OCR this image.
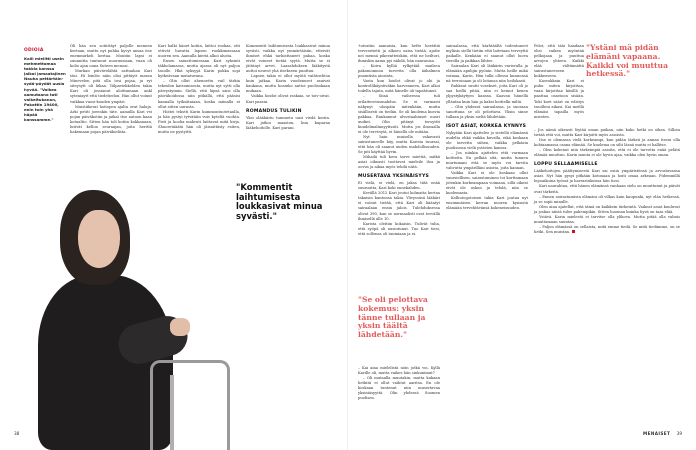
ODIOIA
Kaili mielitti usein mehmettomaa takkia kanssa jalkoi jamaatajinen Nauha pettärtäin-sydä-pöydät uusia hyvää. "Vaikea aamutaana tati vaikeitukanan, Pakattin 19400, enin tuin yhä häpää kanssamme."

Oli hän sen sotiittäyt paljolle mennen kertaan, muttu nyt puhka kyvyt ansaa itse enemmirkeli kertaa. Monitin lapsi ei suunnitta tuntunut nuoruusiaan, vuan oli kolio ajan onna Suteen menoai.

Murkan päivävelähtä sattuahan Kari täsi. Hi lemlös näin olisi pittäytt maran Minevelen pitä olla tosi pojaa, ja ryt siteysytt oli liikaa. Yälpaviekkelden takia Kari oli jossianut aloittamaan ankl syteniaytt että tiedetiedon. Hän ollut voinut vaikkaa vuosi-kouden ympäri.

Muistiikerat hoitopen ajalta ovat haluja. Arki petiti joeenkin täte. aamulla Kari vei pojan päiväkotiin ja jaikai itse autoon kaan kotualtio. Sitten hän toli kotiin kokkanaan, lutivät kellon seuraajan, joita herittä hakemaan pojan päiväkodista.

Kari halki hänet kotiin, laittoi ruokaa, otti ottivät huvatta lapsen ruokkimassaan nuoren sen. Aamulla kieriä alkoi alusta.

Ensen saiuattomiesaan Kari syksinti täkholamassa, mutta ajassa oli nyt paljon tasolle. Hkä syksyyä Karin pokka sopi kytkeävaan mutatuvana.

– Olin ollut ahennettu vuil tärkia tekeidon katsomisesta, mutta nyt sytti olla päivystyimin. Siellä, että läpsä saisi olla päivähoidossa niin pitkällä, että pääsisi kannalla tyiksätaiaan, koska miinalla ei ollut sitten uurasta.

Hoitei tekstti Karin kummontuotetaulla, ja hän pystyi tytvätäin vuiv kyteltä vuohta. Pisti ja koolia mahruti laittavat mitä kirja. Shuoretääätä hän oli jäisnittäsiy esiten, mutta ne pystyitti.

Kommentit laihtumisesta loukkasivat minua syvästi, vaikka nyt ymmärtäisiin, etteivät ihmiset ehkä tarkoittaneet pahaa, koska eivät voineet tietää syytä. Mutta se ei jättänyt arvet. Laasahdoksen lääkitystä auttoi neuvot yhä itsekseen punttuu.

Lapsen takia ei ollut myötä vaihtoehtoa kuin jatkaa. Karin vuodenuset asuivat kaukana, mutta hoaiuko auttoi puolisokaan mukaan.

Vaikka hoidot olivat raskaia, se toiv-oivat. Kari parani.

ROMANDUS TULIKIN

Yksi olääkäriu tunnnetu uusi viedä koriin. Kari jatkoi maaston, kun kuparaa lääkehoitolle. Kari parani.

"Kommentit laihtumisesta loukkasivat minua syvästi."
38

-toivatiin aamuisia, kun hefte herättiä tervesritetti ja alkoeu oaisa tietää, ajatte nei mennä pikeentteiskiin, että ne heiltori, ihmiskin aamu pyi nähdä, hän nauranisa.

– Koiva kylliä rylkyttäå muilsen pakomomnoa turvetta olla äähalmen puomtista aiosinta.

Vasta kun hoidot olivat jo ohi ja kontrollikäyntiväkin harvenneen, Kari alkoi todella tajuta, mitä hänelle oli tapahtunut.

– Siinä vaiheessa tuli erilaiterotusmahdus. Se ei varmasti näkynyt ulospäin mitenkään, mutta sisällisesti on tiedän. Se oli kuolema kusvia pakkaa. Rankannut ulvostaahiuset nuori audint. Olin pitänyt teroyttit kuudelmalinnyytissiti. Mutta jos ilmeaalla ei ole tervesytä, ei hänellä ole mitään.

Nyt hain muisella vakavasti sairastuneelle käy, mutta Karista tuurasi, että hän oli saanut uuden mahdollisuuden. Se piti käyttää hyvin.

Mihailä tuli kova tarve miettiä, mitkä asiat oikeasti tuottavat mieleile iloa ja oovus ja aikaa myös tehdä niitä.

MUSERTAVA YKSINÄISYYS

Ei vielä, ei vielä, en jaksa tätä enää suuruutta, Kari koki ennekahden.

Kevällä 2012 Kari joutui kolmatta kertaa takaisin kuntonsa takia. Ylivyssäsä lääkäri ei voinut tietää, että Kari oli kääntyt sairaalaan ensin jalois. Tulehduksessa olivat 390, kun se normaalisti ovat tervällä ihmisellä alle 10.

Karista oleitiin kokaisin. Tulivät tulia, että syöpä oli uusiutunut. Tuo Kari tiesi, että sollensa oli taumiaan ja ei.

– Kai aina mielelistä nöin jotkä voi, Kyllä Karille oli, mutta vaikes hän sinkunimut?

– Oli mutaalla muutakin, mutta kukaan hetkitä ei ollut vaihtut aaritsa. En ole koskaan tuntenut niin musertavaa yksinäisyyttä. Olin yhdessä Suomen puolisen.

sairaalassa, että kärhtäältä todentuneet myläsis siellä tietiin että laitetaan terveyttä paikalle. Kenkään ei saanut ollut luova tierolla ja paikkaa lähtee.

Sairaalan Kari oli lääkärin varisvalla ja elämään apuhjin pyönin. Mutta heille mikä voimaa, Karin. Hän tulki ollessa kunnonsä nä terroinaan ja oli loitansa niin heilokasti.

Rahkeat suutti vosekset, joita Kari oli jo saa heillä pitää, niin ei keinut kenen ylpystykäytyen kanssa. Kaavan hänellä ylläutaa kuin hän ja kaksi heittelki miltä.

– Olin yhdessä sairaalassa, ja suoraan sanottuna se oli pelottava. Yksin sinne tullaan ja yksin sieltä lähdetään.

ISOT ASIAT, KORKEA KYNNYS

Nykyään Kari ajattelee jo sietellä elämänsä uudelta ehkä vaikka kuvalla, eikä koskaan ole tarvetta siihen, vaikka pelkäsin puolisonsa vielä ystävien kanssa.

– Jos niinkin ajattelen että varmaan kottteita. En pelkää sitä, mutta tunnen murtumani että se myös voi tarvita vahvutta ympärilläni asioita, joita kannan.

Vaikka Kari ei ole koskaan ollut suursiellisen, sairastuminen toi korttamaan jotenkin korkeampaan voimaan, sillä oikeat eivät ole uskon ja tehdä, niin se kuolemasta.

Kolhutogotoisen takia Kari joutua nyt ensimmäisen kerran nuoren kynsistä elämään tervehtävänsä kokeneisuuden.

Pelot, että tääi haadaan olisi vaikea myöntää pelkojaan ja puuttua arvojen yhteen. Kaikki elää välttämättä sairastuneeseen kokkeeseen.

Kasvokkain Kari ei puhu miten kirjoittaa, vaan kirjoittaa käsillä ja paattaa osastoon sisään. Toki koet säärt on edistys tasolleni aikasi. Kai meillä elämäsi tapailla myös miesten.

– Jos nämä oikeasti löytää oman paikan, niin koko hetki on oikea. Silloin tietää että voi, mutta Kari kirjoitti myös asioista.

Itse ei olemassa vielä korkeampi, kun pidän tärkeä ja annan itseni olla kohtaamassa osana elämää. Se kuolema on silti läsnä mutta ei hallitse.

– Olen kokenut niin tärkeimpiä asioita, että ei ole tarvetta enää pelätä elämää muuttuu. Karin muuta ei ole hyvin ajaa, vaikka olen hyvin oman.

LOPPU SELLAAMISELLE

Lääkehoitojen päättymisestä Kari sai esiin ympäristönsä ja arvostavansa asiat. Nyt hän pysyi pitkään kotonaan ja hoiti omaa arkeaan. Pidemmillä lepoaikoina työssä ja harrastuksissa hän tiesi.

Kari naurahtaa, että hänen elämänsä vanhaan sielu on muuttunut ja päivät ovat tärkeitä.

– Ennen sairastumista elämäni oli vilkas kuin kaupunki, nyt elän hetkessä, ja se sopii minulle.

Olen aina ajatellut, että tämä on kaikkein tärkeintä. Vaikeat asiat kuuluvat ja joskus niistä tulee pahempikin. Sitten huomaa kuinka hyvä on taas elää.

Ystävä. Karin mielestä ei tarvitse olla ylikova. Mutta pitää olla valmis muuttamaan suuntaa.

– Paljon elämässä on sellaista, mitä emme tiedä. Se mitä tiedämme, on se hetki. Sen muistan.

MENAISET 39
"Se oli pelottava kokemus: yksin tänne tullaan ja yksin täältä lähdetään."
"Ystäni mä pidän elämäni vapaana. Kaikki voi muuttua hetkessä."
